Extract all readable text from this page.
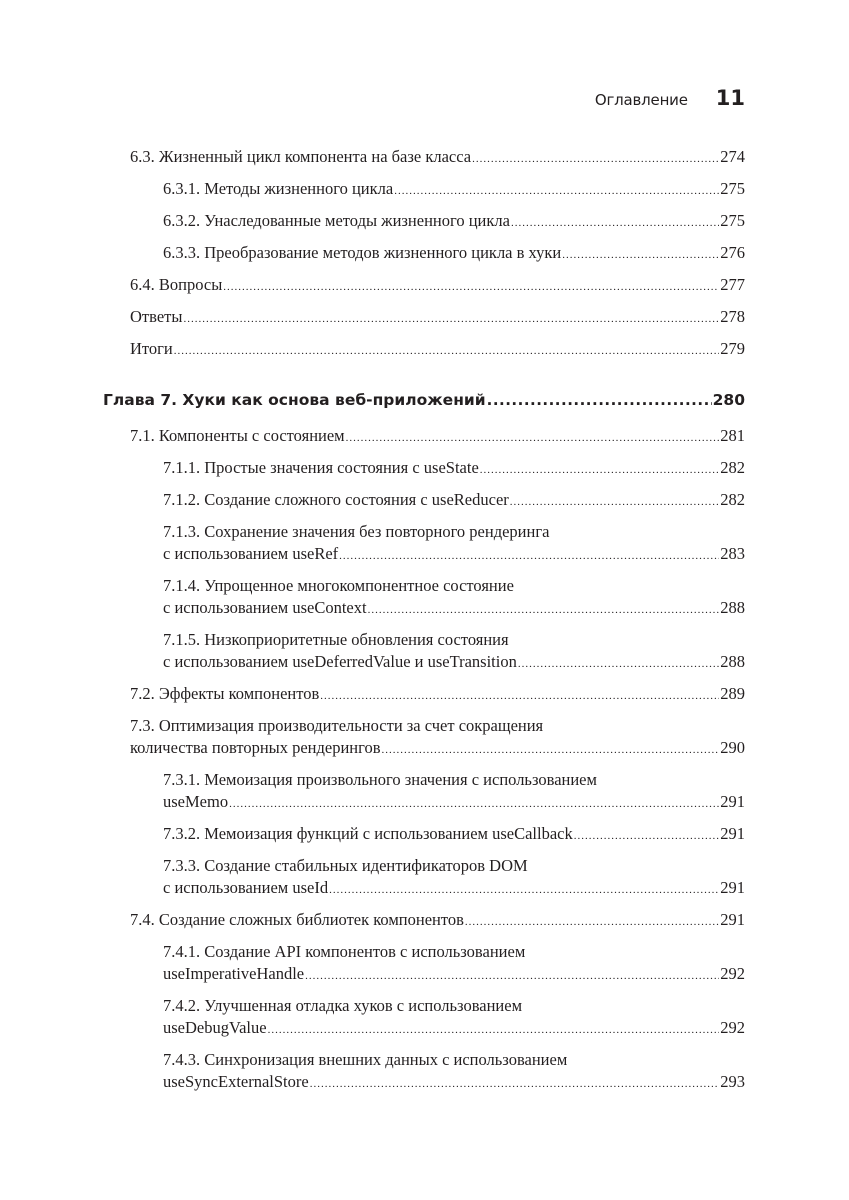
Оглавление 11
6.3. Жизненный цикл компонента на базе класса .....	274
6.3.1. Методы жизненного цикла .....	275
6.3.2. Унаследованные методы жизненного цикла .....	275
6.3.3. Преобразование методов жизненного цикла в хуки .....	276
6.4. Вопросы .....	277
Ответы .....	278
Итоги .....	279
Глава 7. Хуки как основа веб-приложений .....	280
7.1. Компоненты с состоянием .....	281
7.1.1. Простые значения состояния с useState .....	282
7.1.2. Создание сложного состояния с useReducer .....	282
7.1.3. Сохранение значения без повторного рендеринга
с использованием useRef .....	283
7.1.4. Упрощенное многокомпонентное состояние
с использованием useContext .....	288
7.1.5. Низкоприоритетные обновления состояния
с использованием useDeferredValue и useTransition .....	288
7.2. Эффекты компонентов .....	289
7.3. Оптимизация производительности за счет сокращения
количества повторных рендерингов .....	290
7.3.1. Мемоизация произвольного значения с использованием
useMemo .....	291
7.3.2. Мемоизация функций с использованием useCallback .....	291
7.3.3. Создание стабильных идентификаторов DOM
с использованием useId .....	291
7.4. Создание сложных библиотек компонентов .....	291
7.4.1. Создание API компонентов с использованием
useImperativeHandle .....	292
7.4.2. Улучшенная отладка хуков с использованием
useDebugValue .....	292
7.4.3. Синхронизация внешних данных с использованием
useSyncExternalStore .....	293
